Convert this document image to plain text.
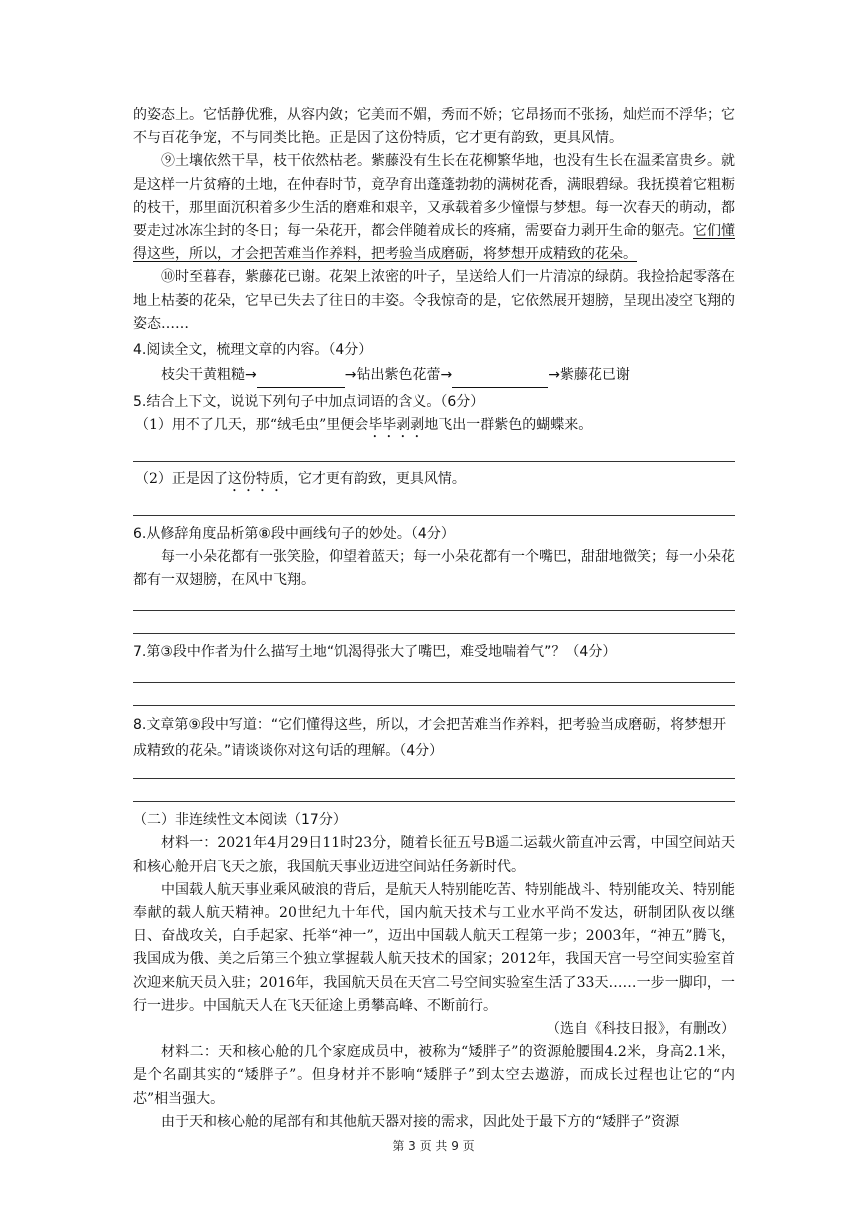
的姿态上。它恬静优雅，从容内敛；它美而不媚，秀而不娇；它昂扬而不张扬，灿烂而不浮华；它不与百花争宠，不与同类比艳。正是因了这份特质，它才更有韵致，更具风情。

⑨土壤依然干旱，枝干依然枯老。紫藤没有生长在花柳繁华地，也没有生长在温柔富贵乡。就是这样一片贫瘠的土地，在仲春时节，竟孕育出蓬蓬勃勃的满树花香，满眼碧绿。我抚摸着它粗粝的枝干，那里面沉积着多少生活的磨难和艰辛，又承载着多少憧憬与梦想。每一次春天的萌动，都要走过冰冻尘封的冬日；每一朵花开，都会伴随着成长的疼痛，需要奋力剥开生命的躯壳。它们懂得这些，所以，才会把苦难当作养料，把考验当成磨砺，将梦想开成精致的花朵。

⑩时至暮春，紫藤花已谢。花架上浓密的叶子，呈送给人们一片清凉的绿荫。我捡拾起零落在地上枯萎的花朵，它早已失去了往日的丰姿。令我惊奇的是，它依然展开翅膀，呈现出凌空飞翔的姿态……

4.阅读全文，梳理文章的内容。（4分）

枝尖干黄粗糙→	→钻出紫色花蕾→	→紫藤花已谢

5.结合上下文，说说下列句子中加点词语的含义。（6分）

（1）用不了几天，那“绒毛虫”里便会毕毕剥剥地飞出一群紫色的蝴蝶来。

（2）正是因了这份特质，它才更有韵致，更具风情。

6.从修辞角度品析第⑧段中画线句子的妙处。（4分）

每一小朵花都有一张笑脸，仰望着蓝天；每一小朵花都有一个嘴巴，甜甜地微笑；每一小朵花都有一双翅膀，在风中飞翔。

7.第③段中作者为什么描写土地“饥渴得张大了嘴巴，难受地喘着气”？（4分）

8.文章第⑨段中写道：“它们懂得这些，所以，才会把苦难当作养料，把考验当成磨砺，将梦想开成精致的花朵。”请谈谈你对这句话的理解。（4分）

（二）非连续性文本阅读（17分）

材料一：2021年4月29日11时23分，随着长征五号B遥二运载火箭直冲云霄，中国空间站天和核心舱开启飞天之旅，我国航天事业迈进空间站任务新时代。

中国载人航天事业乘风破浪的背后，是航天人特别能吃苦、特别能战斗、特别能攻关、特别能奉献的载人航天精神。20世纪九十年代，国内航天技术与工业水平尚不发达，研制团队夜以继日、奋战攻关，白手起家、托举“神一”，迈出中国载人航天工程第一步；2003年，“神五”腾飞，我国成为俄、美之后第三个独立掌握载人航天技术的国家；2012年，我国天宫一号空间实验室首次迎来航天员入驻；2016年，我国航天员在天宫二号空间实验室生活了33天……一步一脚印，一行一进步。中国航天人在飞天征途上勇攀高峰、不断前行。

（选自《科技日报》，有删改）

材料二：天和核心舱的几个家庭成员中，被称为“矮胖子”的资源舱腰围4.2米，身高2.1米，是个名副其实的“矮胖子”。但身材并不影响“矮胖子”到太空去遨游，而成长过程也让它的“内芯”相当强大。

由于天和核心舱的尾部有和其他航天器对接的需求，因此处于最下方的“矮胖子”资源

第 3 页 共 9 页
